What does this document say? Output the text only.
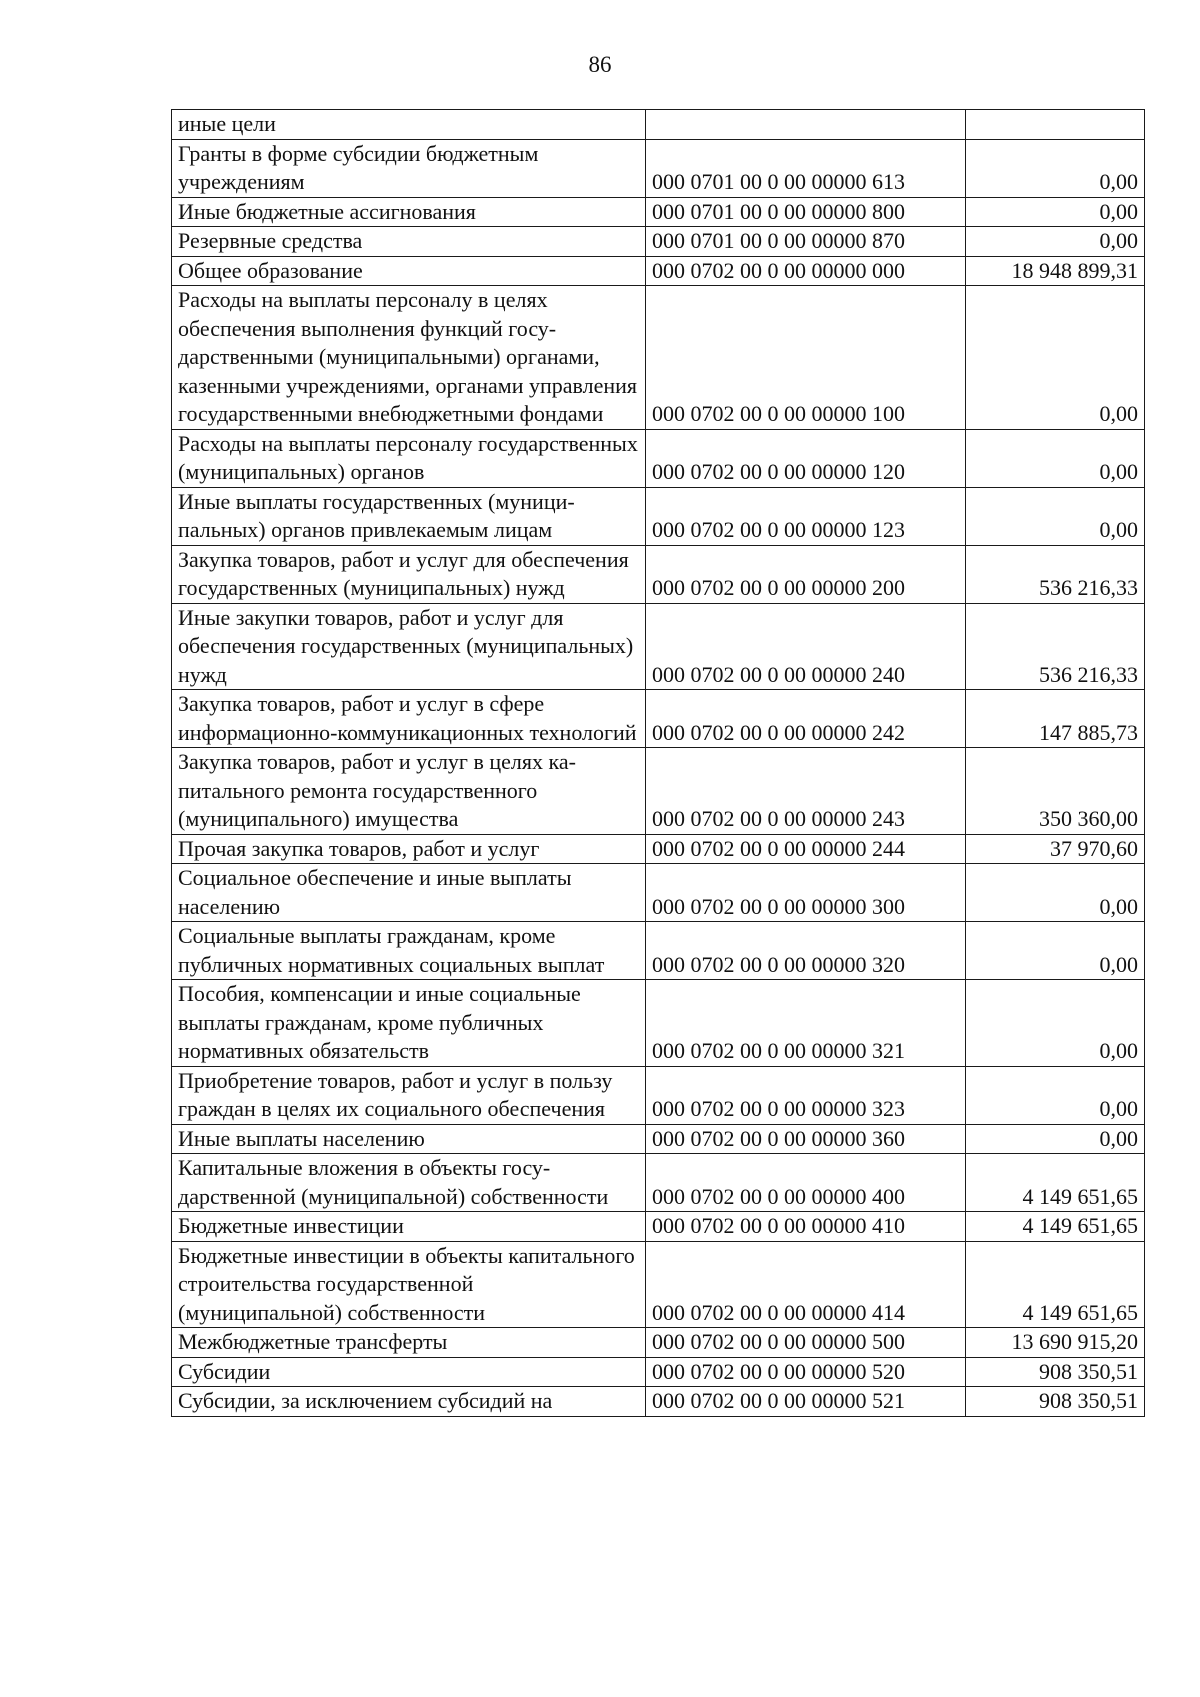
86
иные цели		
Гранты в форме субсидии бюджетным учреждениям	000 0701 00 0 00 00000 613	0,00
Иные бюджетные ассигнования	000 0701 00 0 00 00000 800	0,00
Резервные средства	000 0701 00 0 00 00000 870	0,00
Общее образование	000 0702 00 0 00 00000 000	18 948 899,31
Расходы на выплаты персоналу в целях обеспечения выполнения функций государственными (муниципальными) органами, казенными учреждениями, органами управления государственными внебюджетными фондами	000 0702 00 0 00 00000 100	0,00
Расходы на выплаты персоналу государственных (муниципальных) органов	000 0702 00 0 00 00000 120	0,00
Иные выплаты государственных (муниципальных) органов привлекаемым лицам	000 0702 00 0 00 00000 123	0,00
Закупка товаров, работ и услуг для обеспечения государственных (муниципальных) нужд	000 0702 00 0 00 00000 200	536 216,33
Иные закупки товаров, работ и услуг для обеспечения государственных (муниципальных) нужд	000 0702 00 0 00 00000 240	536 216,33
Закупка товаров, работ и услуг в сфере информационно-коммуникационных технологий	000 0702 00 0 00 00000 242	147 885,73
Закупка товаров, работ и услуг в целях капитального ремонта государственного (муниципального) имущества	000 0702 00 0 00 00000 243	350 360,00
Прочая закупка товаров, работ и услуг	000 0702 00 0 00 00000 244	37 970,60
Социальное обеспечение и иные выплаты населению	000 0702 00 0 00 00000 300	0,00
Социальные выплаты гражданам, кроме публичных нормативных социальных выплат	000 0702 00 0 00 00000 320	0,00
Пособия, компенсации и иные социальные выплаты гражданам, кроме публичных нормативных обязательств	000 0702 00 0 00 00000 321	0,00
Приобретение товаров, работ и услуг в пользу граждан в целях их социального обеспечения	000 0702 00 0 00 00000 323	0,00
Иные выплаты населению	000 0702 00 0 00 00000 360	0,00
Капитальные вложения в объекты государственной (муниципальной) собственности	000 0702 00 0 00 00000 400	4 149 651,65
Бюджетные инвестиции	000 0702 00 0 00 00000 410	4 149 651,65
Бюджетные инвестиции в объекты капитального строительства государственной (муниципальной) собственности	000 0702 00 0 00 00000 414	4 149 651,65
Межбюджетные трансферты	000 0702 00 0 00 00000 500	13 690 915,20
Субсидии	000 0702 00 0 00 00000 520	908 350,51
Субсидии, за исключением субсидий на	000 0702 00 0 00 00000 521	908 350,51
